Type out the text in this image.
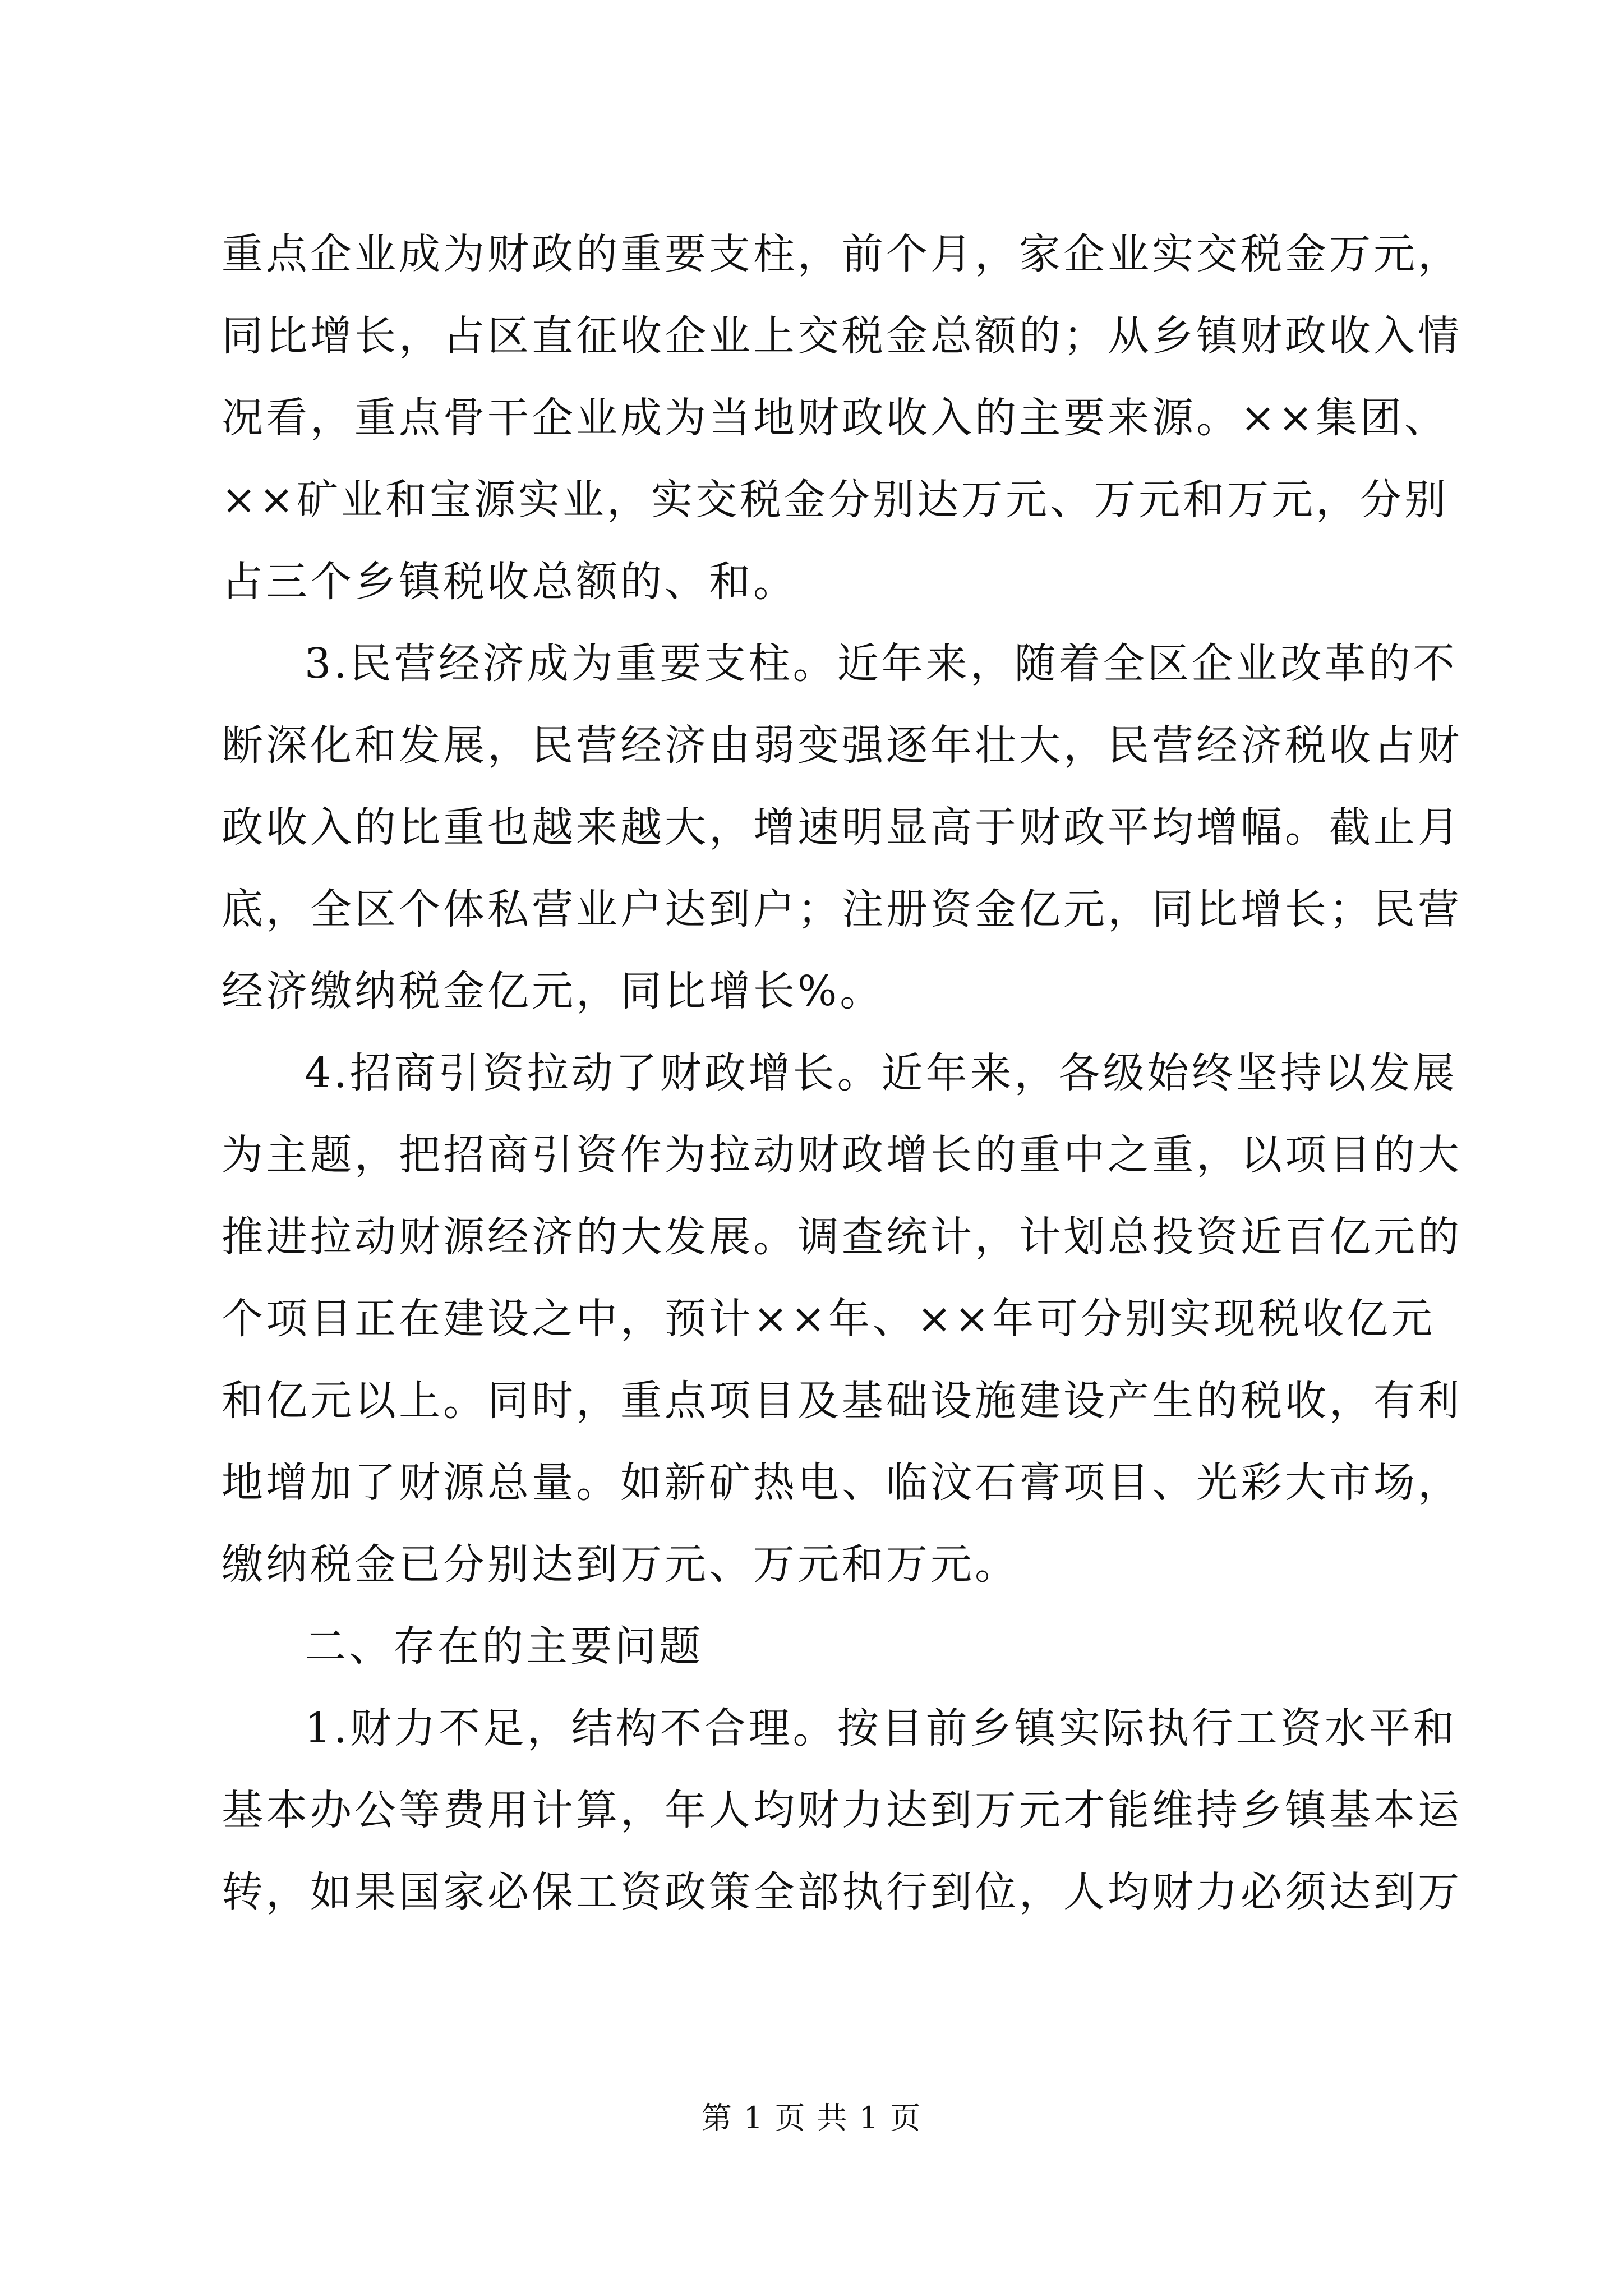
重点企业成为财政的重要支柱，前个月，家企业实交税金万元，
同比增长，占区直征收企业上交税金总额的；从乡镇财政收入情
况看，重点骨干企业成为当地财政收入的主要来源。××集团、
××矿业和宝源实业，实交税金分别达万元、万元和万元，分别
占三个乡镇税收总额的、和。
3.民营经济成为重要支柱。近年来，随着全区企业改革的不
断深化和发展，民营经济由弱变强逐年壮大，民营经济税收占财
政收入的比重也越来越大，增速明显高于财政平均增幅。截止月
底，全区个体私营业户达到户；注册资金亿元，同比增长；民营
经济缴纳税金亿元，同比增长%。
4.招商引资拉动了财政增长。近年来，各级始终坚持以发展
为主题，把招商引资作为拉动财政增长的重中之重，以项目的大
推进拉动财源经济的大发展。调查统计，计划总投资近百亿元的
个项目正在建设之中，预计××年、××年可分别实现税收亿元
和亿元以上。同时，重点项目及基础设施建设产生的税收，有利
地增加了财源总量。如新矿热电、临汶石膏项目、光彩大市场，
缴纳税金已分别达到万元、万元和万元。
二、存在的主要问题
1.财力不足，结构不合理。按目前乡镇实际执行工资水平和
基本办公等费用计算，年人均财力达到万元才能维持乡镇基本运
转，如果国家必保工资政策全部执行到位，人均财力必须达到万
第 1 页 共 1 页
